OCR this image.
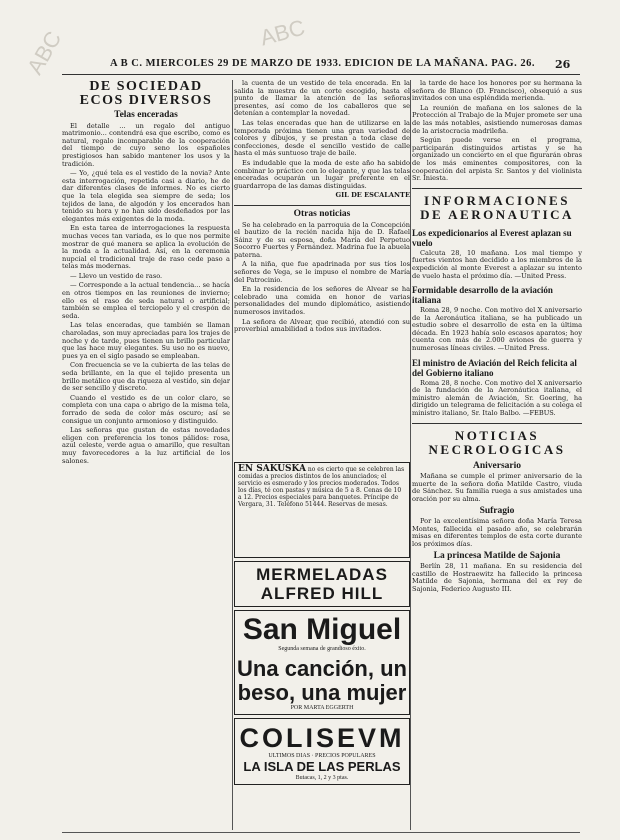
ABC	ABC
A B C. MIERCOLES 29 DE MARZO DE 1933. EDICION DE LA MAÑANA. PAG. 26.	26
DE SOCIEDAD
ECOS DIVERSOS
Telas enceradas

El detalle ... un regalo del antiguo matrimonio... contendrá esa que escribo, como es natural, regalo incomparable de la cooperación del tiempo de cuyo seno los españoles prestigiosos han sabido mantener los usos y la tradición.

— Yo, ¿qué tela es el vestido de la novia? Ante esta interrogación, repetida casi a diario, he de dar diferentes clases de informes. No es cierto que la tela elegida sea siempre de seda; los tejidos de lana, de algodón y los encerados han tenido su hora y no han sido desdeñados por las elegantes más exigentes de la moda.

En esta tarea de interrogaciones la respuesta muchas veces tan variada, es lo que nos permite mostrar de qué manera se aplica la evolución de la moda a la actualidad. Así, en la ceremonia nupcial el tradicional traje de raso cede paso a telas más modernas.

— Llevo un vestido de raso.

— Corresponde a la actual tendencia... se hacía en otros tiempos en las reuniones de invierno; ello es el raso de seda natural o artificial; también se emplea el terciopelo y el crespón de seda.

Las telas enceradas, que también se llaman charoladas, son muy apreciadas para los trajes de noche y de tarde, pues tienen un brillo particular que las hace muy elegantes. Su uso no es nuevo, pues ya en el siglo pasado se empleaban.

Con frecuencia se ve la cubierta de las telas de seda brillante, en la que el tejido presenta un brillo metálico que da riqueza al vestido, sin dejar de ser sencillo y discreto.

Cuando el vestido es de un color claro, se completa con una capa o abrigo de la misma tela, forrado de seda de color más oscuro; así se consigue un conjunto armonioso y distinguido.

Las señoras que gustan de estas novedades eligen con preferencia los tonos pálidos: rosa, azul celeste, verde agua o amarillo, que resultan muy favorecedores a la luz artificial de los salones.

la cuenta de un vestido de tela encerada. En la salida la muestra de un corte escogido, hasta el punto de llamar la atención de las señoras presentes, así como de los caballeros que se detenían a contemplar la novedad.

Las telas enceradas que han de utilizarse en la temporada próxima tienen una gran variedad de colores y dibujos, y se prestan a toda clase de confecciones, desde el sencillo vestido de calle hasta el más suntuoso traje de baile.

Es indudable que la moda de este año ha sabido combinar lo práctico con lo elegante, y que las telas enceradas ocuparán un lugar preferente en el guardarropa de las damas distinguidas.

GIL DE ESCALANTE
Otras noticias

Se ha celebrado en la parroquia de la Concepción el bautizo de la recién nacida hija de D. Rafael Sáinz y de su esposa, doña María del Perpetuo Socorro Fuertes y Fernández. Madrina fue la abuela paterna.

A la niña, que fue apadrinada por sus tíos los señores de Vega, se le impuso el nombre de María del Patrocinio.

En la residencia de los señores de Alvear se ha celebrado una comida en honor de varias personalidades del mundo diplomático, asistiendo numerosos invitados.

La señora de Alvear, que recibió, atendió con su proverbial amabilidad a todos sus invitados.

EN SAKUSKA no es cierto que se celebren las comidas a precios distintos de los anunciados; el servicio es esmerado y los precios moderados. Todos los días, té con pastas y música de 5 a 8. Cenas de 10 a 12. Precios especiales para banquetes. Príncipe de Vergara, 31. Teléfono 51444. Reservas de mesas.
MERMELADAS ALFRED HILL
San Miguel
Segunda semana de grandioso éxito.
Una canción, un beso, una mujer
POR MARTA EGGERTH
COLISEVM
ULTIMOS DIAS · PRECIOS POPULARES
LA ISLA DE LAS PERLAS
Butacas, 1, 2 y 3 ptas.

la tarde de hace los honores por su hermana la señora de Blanco (D. Francisco), obsequió a sus invitados con una espléndida merienda.

La reunión de mañana en los salones de la Protección al Trabajo de la Mujer promete ser una de las más notables, asistiendo numerosas damas de la aristocracia madrileña.

Según puede verse en el programa, participarán distinguidos artistas y se ha organizado un concierto en el que figurarán obras de los más eminentes compositores, con la cooperación del arpista Sr. Santos y del violinista Sr. Iniesta.

INFORMACIONES DE AERONAUTICA
Los expedicionarios al Everest aplazan su vuelo

Calcuta 28, 10 mañana. Los mal tiempo y fuertes vientos han decidido a los miembros de la expedición al monte Everest a aplazar su intento de vuelo hasta el próximo día. —United Press.

Formidable desarrollo de la aviación italiana

Roma 28, 9 noche. Con motivo del X aniversario de la Aeronáutica italiana, se ha publicado un estudio sobre el desarrollo de esta en la última década. En 1923 había solo escasos aparatos; hoy cuenta con más de 2.000 aviones de guerra y numerosas líneas civiles. —United Press.

El ministro de Aviación del Reich felicita al del Gobierno italiano

Roma 28, 8 noche. Con motivo del X aniversario de la fundación de la Aeronáutica italiana, el ministro alemán de Aviación, Sr. Goering, ha dirigido un telegrama de felicitación a su colega el ministro italiano, Sr. Italo Balbo. —FEBUS.

NOTICIAS NECROLOGICAS
Aniversario

Mañana se cumple el primer aniversario de la muerte de la señora doña Matilde Castro, viuda de Sánchez. Su familia ruega a sus amistades una oración por su alma.

Sufragio

Por la excelentísima señora doña María Teresa Montes, fallecida el pasado año, se celebrarán misas en diferentes templos de esta corte durante los próximos días.

La princesa Matilde de Sajonia

Berlín 28, 11 mañana. En su residencia del castillo de Hostraewitz ha fallecido la princesa Matilde de Sajonia, hermana del ex rey de Sajonia, Federico Augusto III.
